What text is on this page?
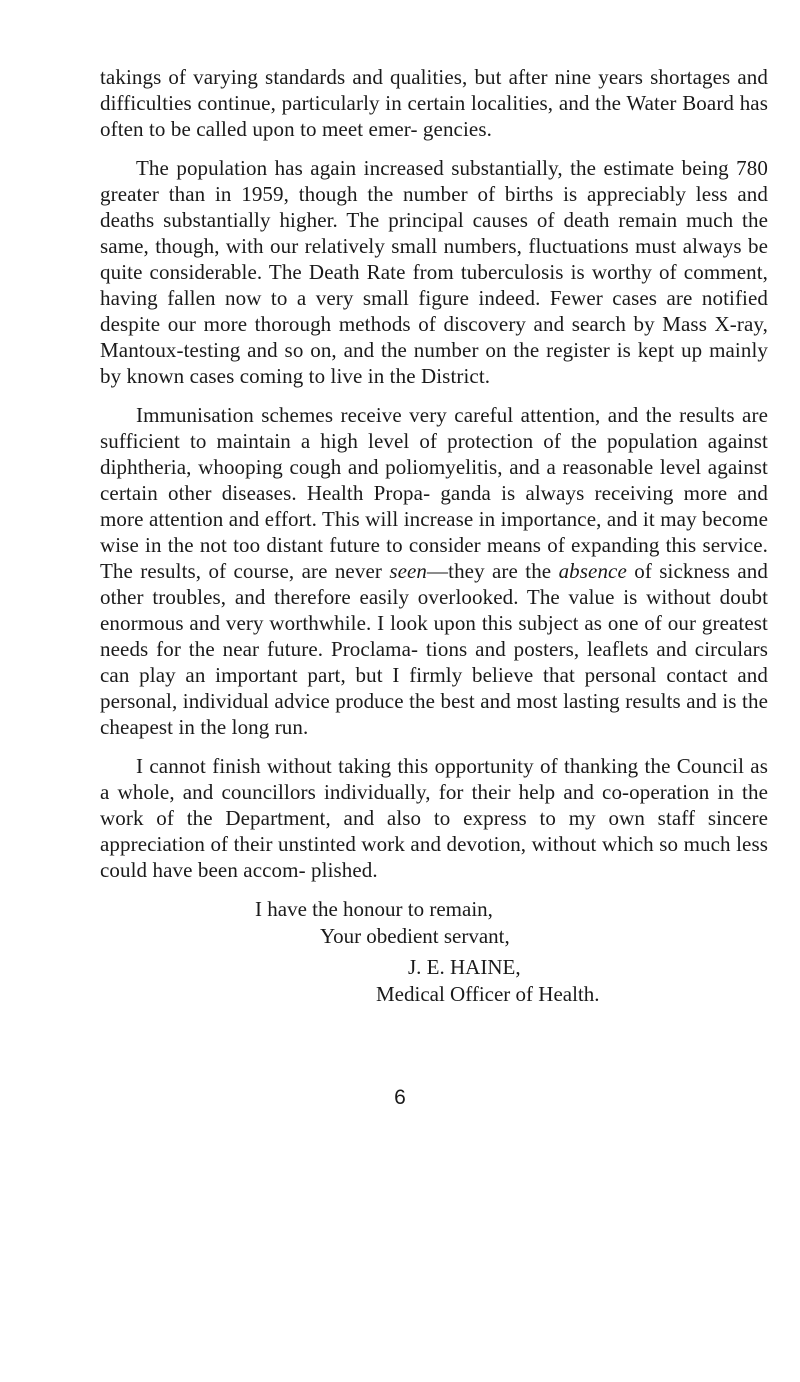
takings of varying standards and qualities, but after nine years shortages and difficulties continue, particularly in certain localities, and the Water Board has often to be called upon to meet emer- gencies.

The population has again increased substantially, the estimate being 780 greater than in 1959, though the number of births is appreciably less and deaths substantially higher. The principal causes of death remain much the same, though, with our relatively small numbers, fluctuations must always be quite considerable. The Death Rate from tuberculosis is worthy of comment, having fallen now to a very small figure indeed. Fewer cases are notified despite our more thorough methods of discovery and search by Mass X-ray, Mantoux-testing and so on, and the number on the register is kept up mainly by known cases coming to live in the District.

Immunisation schemes receive very careful attention, and the results are sufficient to maintain a high level of protection of the population against diphtheria, whooping cough and poliomyelitis, and a reasonable level against certain other diseases. Health Propa- ganda is always receiving more and more attention and effort. This will increase in importance, and it may become wise in the not too distant future to consider means of expanding this service. The results, of course, are never seen—they are the absence of sickness and other troubles, and therefore easily overlooked. The value is without doubt enormous and very worthwhile. I look upon this subject as one of our greatest needs for the near future. Proclama- tions and posters, leaflets and circulars can play an important part, but I firmly believe that personal contact and personal, individual advice produce the best and most lasting results and is the cheapest in the long run.

I cannot finish without taking this opportunity of thanking the Council as a whole, and councillors individually, for their help and co-operation in the work of the Department, and also to express to my own staff sincere appreciation of their unstinted work and devotion, without which so much less could have been accom- plished.

I have the honour to remain,
Your obedient servant,
J. E. HAINE,
Medical Officer of Health.
6
